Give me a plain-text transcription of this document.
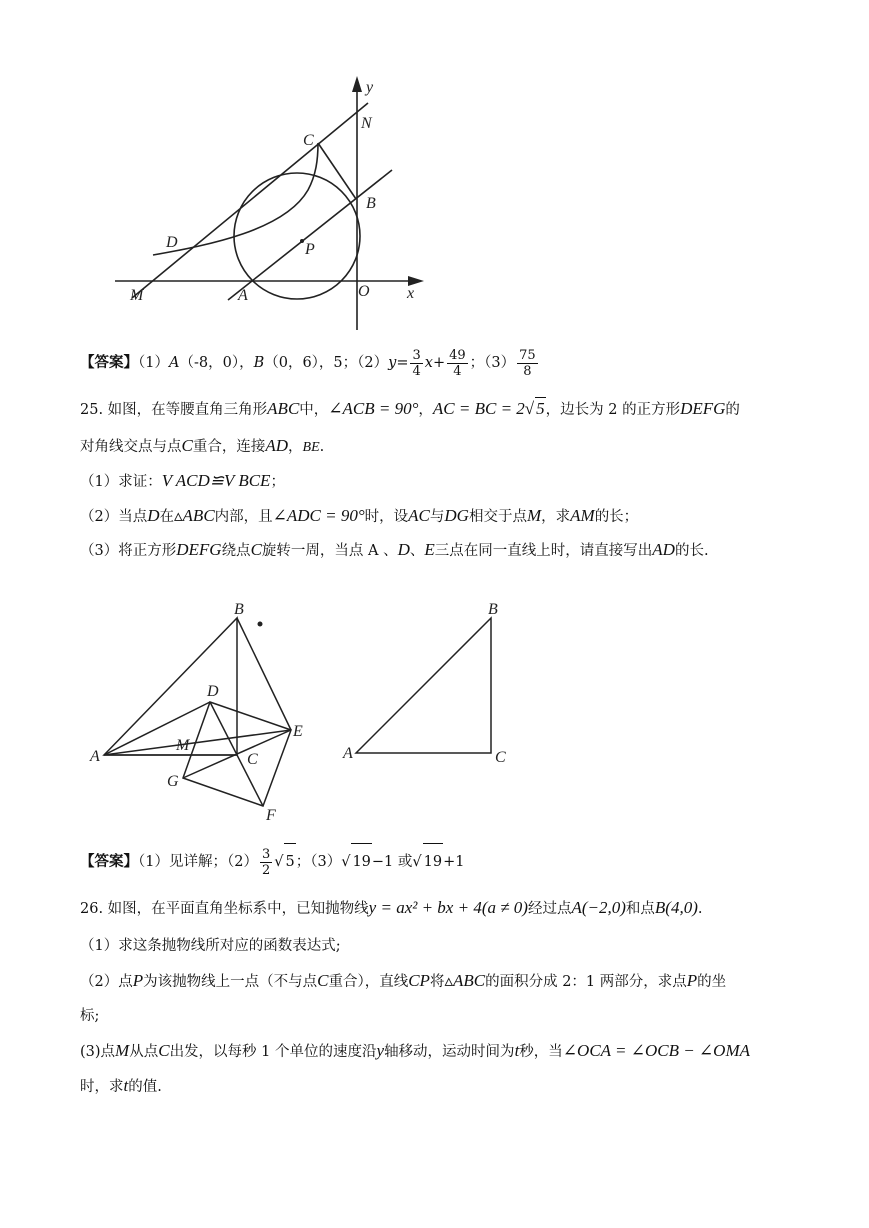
y
N
C
B
D	P
M	A	O x
【答案】（1）A（-8，0），B（0，6），5；$(2)y= \frac{3}{4} x+ \frac{49}{4}$ ；$(3) \frac{75}{8}$
25. 如图，在等腰直角三角形ABC中，∠ACB = 90°，AC = BC = 2√ 5，边长为 2 的正方形DEFG的
对角线交点与点C重合，连接AD，BE.
（1）求证：V ACD≌V BCE；
（2）当点D在▵ABC内部，且∠ADC = 90°时，设AC与DG相交于点M，求AM的长；
（3）将正方形DEFG绕点C旋转一周，当点 A 、D、E三点在同一直线上时，请直接写出AD的长.
B
D
E
M
A	C
G
F
B
A	C
【答案】（1）见详解；$(2) \frac{3}{2}$ √ 5；（3）√ 19−1 或√ 19+1
26. 如图，在平面直角坐标系中，已知抛物线y = ax² + bx + 4(a ≠ 0)经过点A(−2,0)和点B(4,0).
（1）求这条抛物线所对应的函数表达式;
（2）点P为该抛物线上一点（不与点C重合），直线CP将▵ABC的面积分成 2：1 两部分，求点P的坐
标;
(3)点M从点C出发，以每秒 1 个单位的速度沿y轴移动，运动时间为t秒，当∠OCA = ∠OCB − ∠OMA
时，求t的值.
